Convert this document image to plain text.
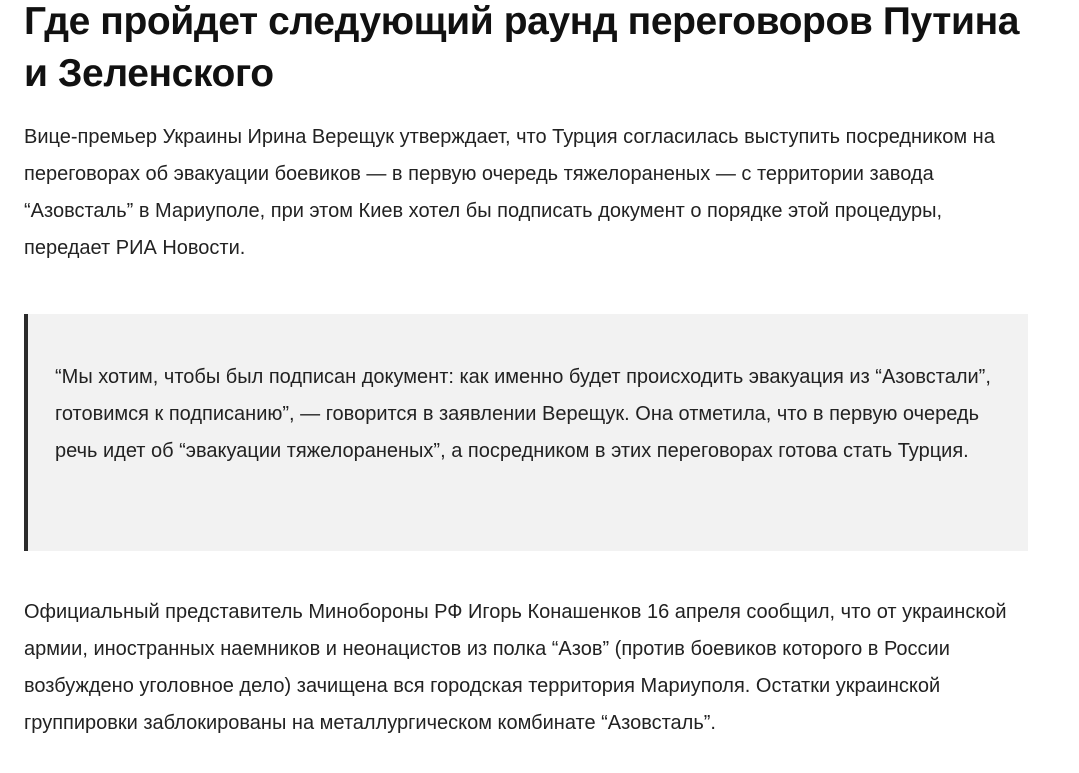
Где пройдет следующий раунд переговоров Путина и Зеленского

Вице-премьер Украины Ирина Верещук утверждает, что Турция согласилась выступить посредником на переговорах об эвакуации боевиков — в первую очередь тяжелораненых — с территории завода “Азовсталь” в Мариуполе, при этом Киев хотел бы подписать документ о порядке этой процедуры, передает РИА Новости.

“Мы хотим, чтобы был подписан документ: как именно будет происходить эвакуация из “Азовстали”, готовимся к подписанию”, — говорится в заявлении Верещук. Она отметила, что в первую очередь речь идет об “эвакуации тяжелораненых”, а посредником в этих переговорах готова стать Турция.

Официальный представитель Минобороны РФ Игорь Конашенков 16 апреля сообщил, что от украинской армии, иностранных наемников и неонацистов из полка “Азов” (против боевиков которого в России возбуждено уголовное дело) зачищена вся городская территория Мариуполя. Остатки украинской группировки заблокированы на металлургическом комбинате “Азовсталь”.
